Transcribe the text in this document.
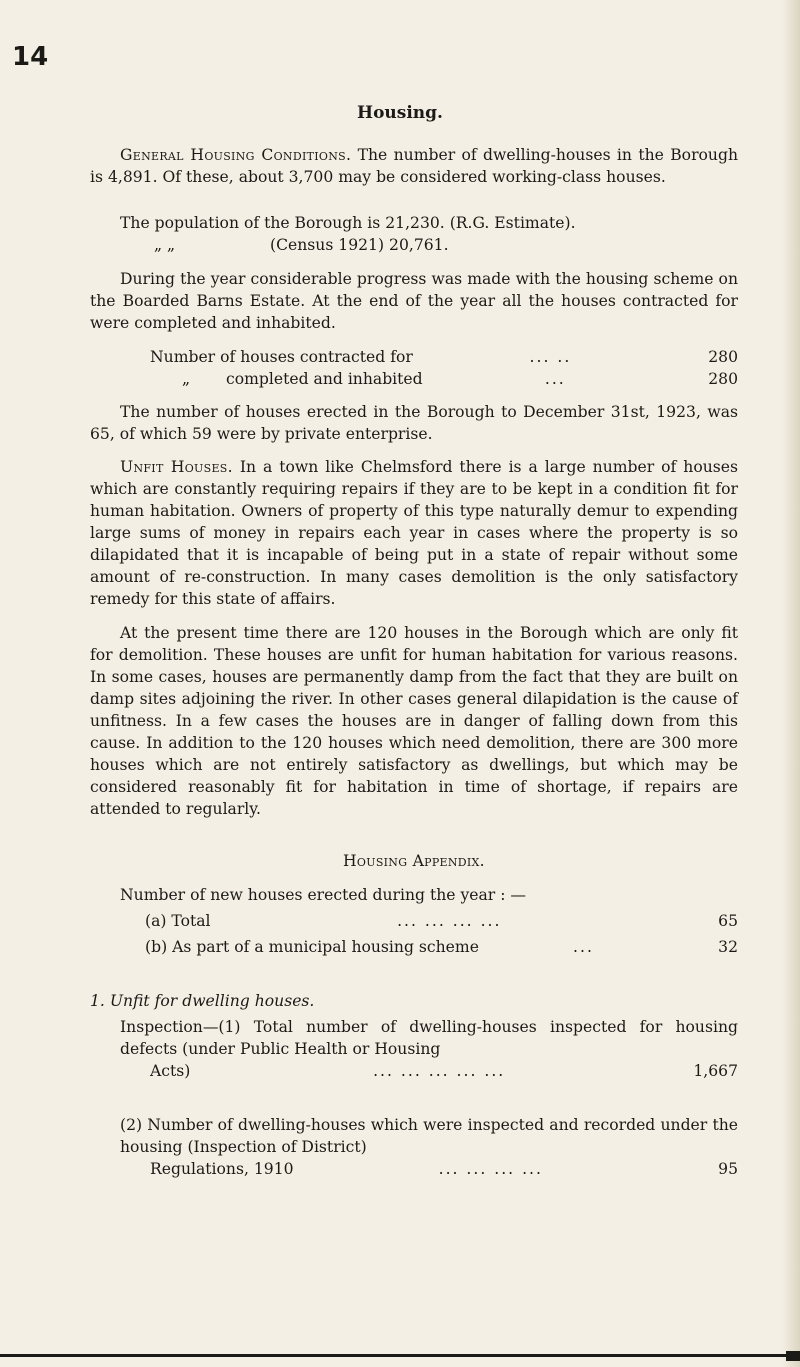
14
Housing.

General Housing Conditions. The number of dwelling-houses in the Borough is 4,891. Of these, about 3,700 may be considered working-class houses.

The population of the Borough is 21,230. (R.G. Estimate).

„ „	(Census 1921) 20,761.

During the year considerable progress was made with the housing scheme on the Boarded Barns Estate. At the end of the year all the houses contracted for were completed and inhabited.

Number of houses contracted for	... ..	280
„	completed and inhabited	...	280

The number of houses erected in the Borough to December 31st, 1923, was 65, of which 59 were by private enterprise.

Unfit Houses. In a town like Chelmsford there is a large number of houses which are constantly requiring repairs if they are to be kept in a condition fit for human habitation. Owners of property of this type naturally demur to expending large sums of money in repairs each year in cases where the property is so dilapidated that it is incapable of being put in a state of repair without some amount of re-construction. In many cases demolition is the only satisfactory remedy for this state of affairs.

At the present time there are 120 houses in the Borough which are only fit for demolition. These houses are unfit for human habitation for various reasons. In some cases, houses are permanently damp from the fact that they are built on damp sites adjoining the river. In other cases general dilapidation is the cause of unfitness. In a few cases the houses are in danger of falling down from this cause. In addition to the 120 houses which need demolition, there are 300 more houses which are not entirely satisfactory as dwellings, but which may be considered reasonably fit for habitation in time of shortage, if repairs are attended to regularly.

Housing Appendix.

Number of new houses erected during the year : —

(a) Total	... ... ... ...	65
(b) As part of a municipal housing scheme	...	32
1. Unfit for dwelling houses.

Inspection—(1) Total number of dwelling-houses inspected for housing defects (under Public Health or Housing

Acts)	... ... ... ... ...	1,667

(2) Number of dwelling-houses which were inspected and recorded under the housing (Inspection of District)

Regulations, 1910	... ... ... ...	95
